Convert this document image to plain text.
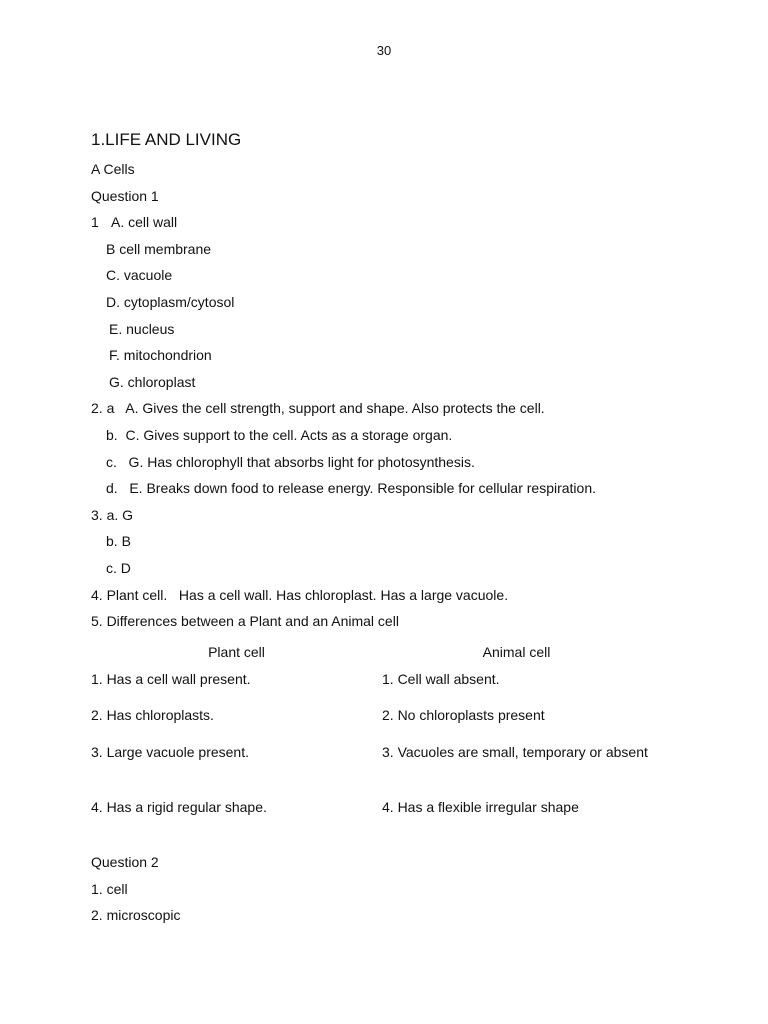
30
1.LIFE AND LIVING
A Cells
Question 1
1 A. cell wall
B cell membrane
C. vacuole
D. cytoplasm/cytosol
E. nucleus
F. mitochondrion
G. chloroplast
2. a   A. Gives the cell strength, support and shape. Also protects the cell.
b.  C. Gives support to the cell. Acts as a storage organ.
c.   G. Has chlorophyll that absorbs light for photosynthesis.
d.   E. Breaks down food to release energy. Responsible for cellular respiration.
3. a. G
b. B
c. D
4. Plant cell.   Has a cell wall. Has chloroplast. Has a large vacuole.
5. Differences between a Plant and an Animal cell
Plant cell	Animal cell
1. Has a cell wall present.	1. Cell wall absent.
2. Has chloroplasts.	2. No chloroplasts present
3. Large vacuole present.	3. Vacuoles are small, temporary or absent
4. Has a rigid regular shape.	4. Has a flexible irregular shape
Question 2
1. cell
2. microscopic
